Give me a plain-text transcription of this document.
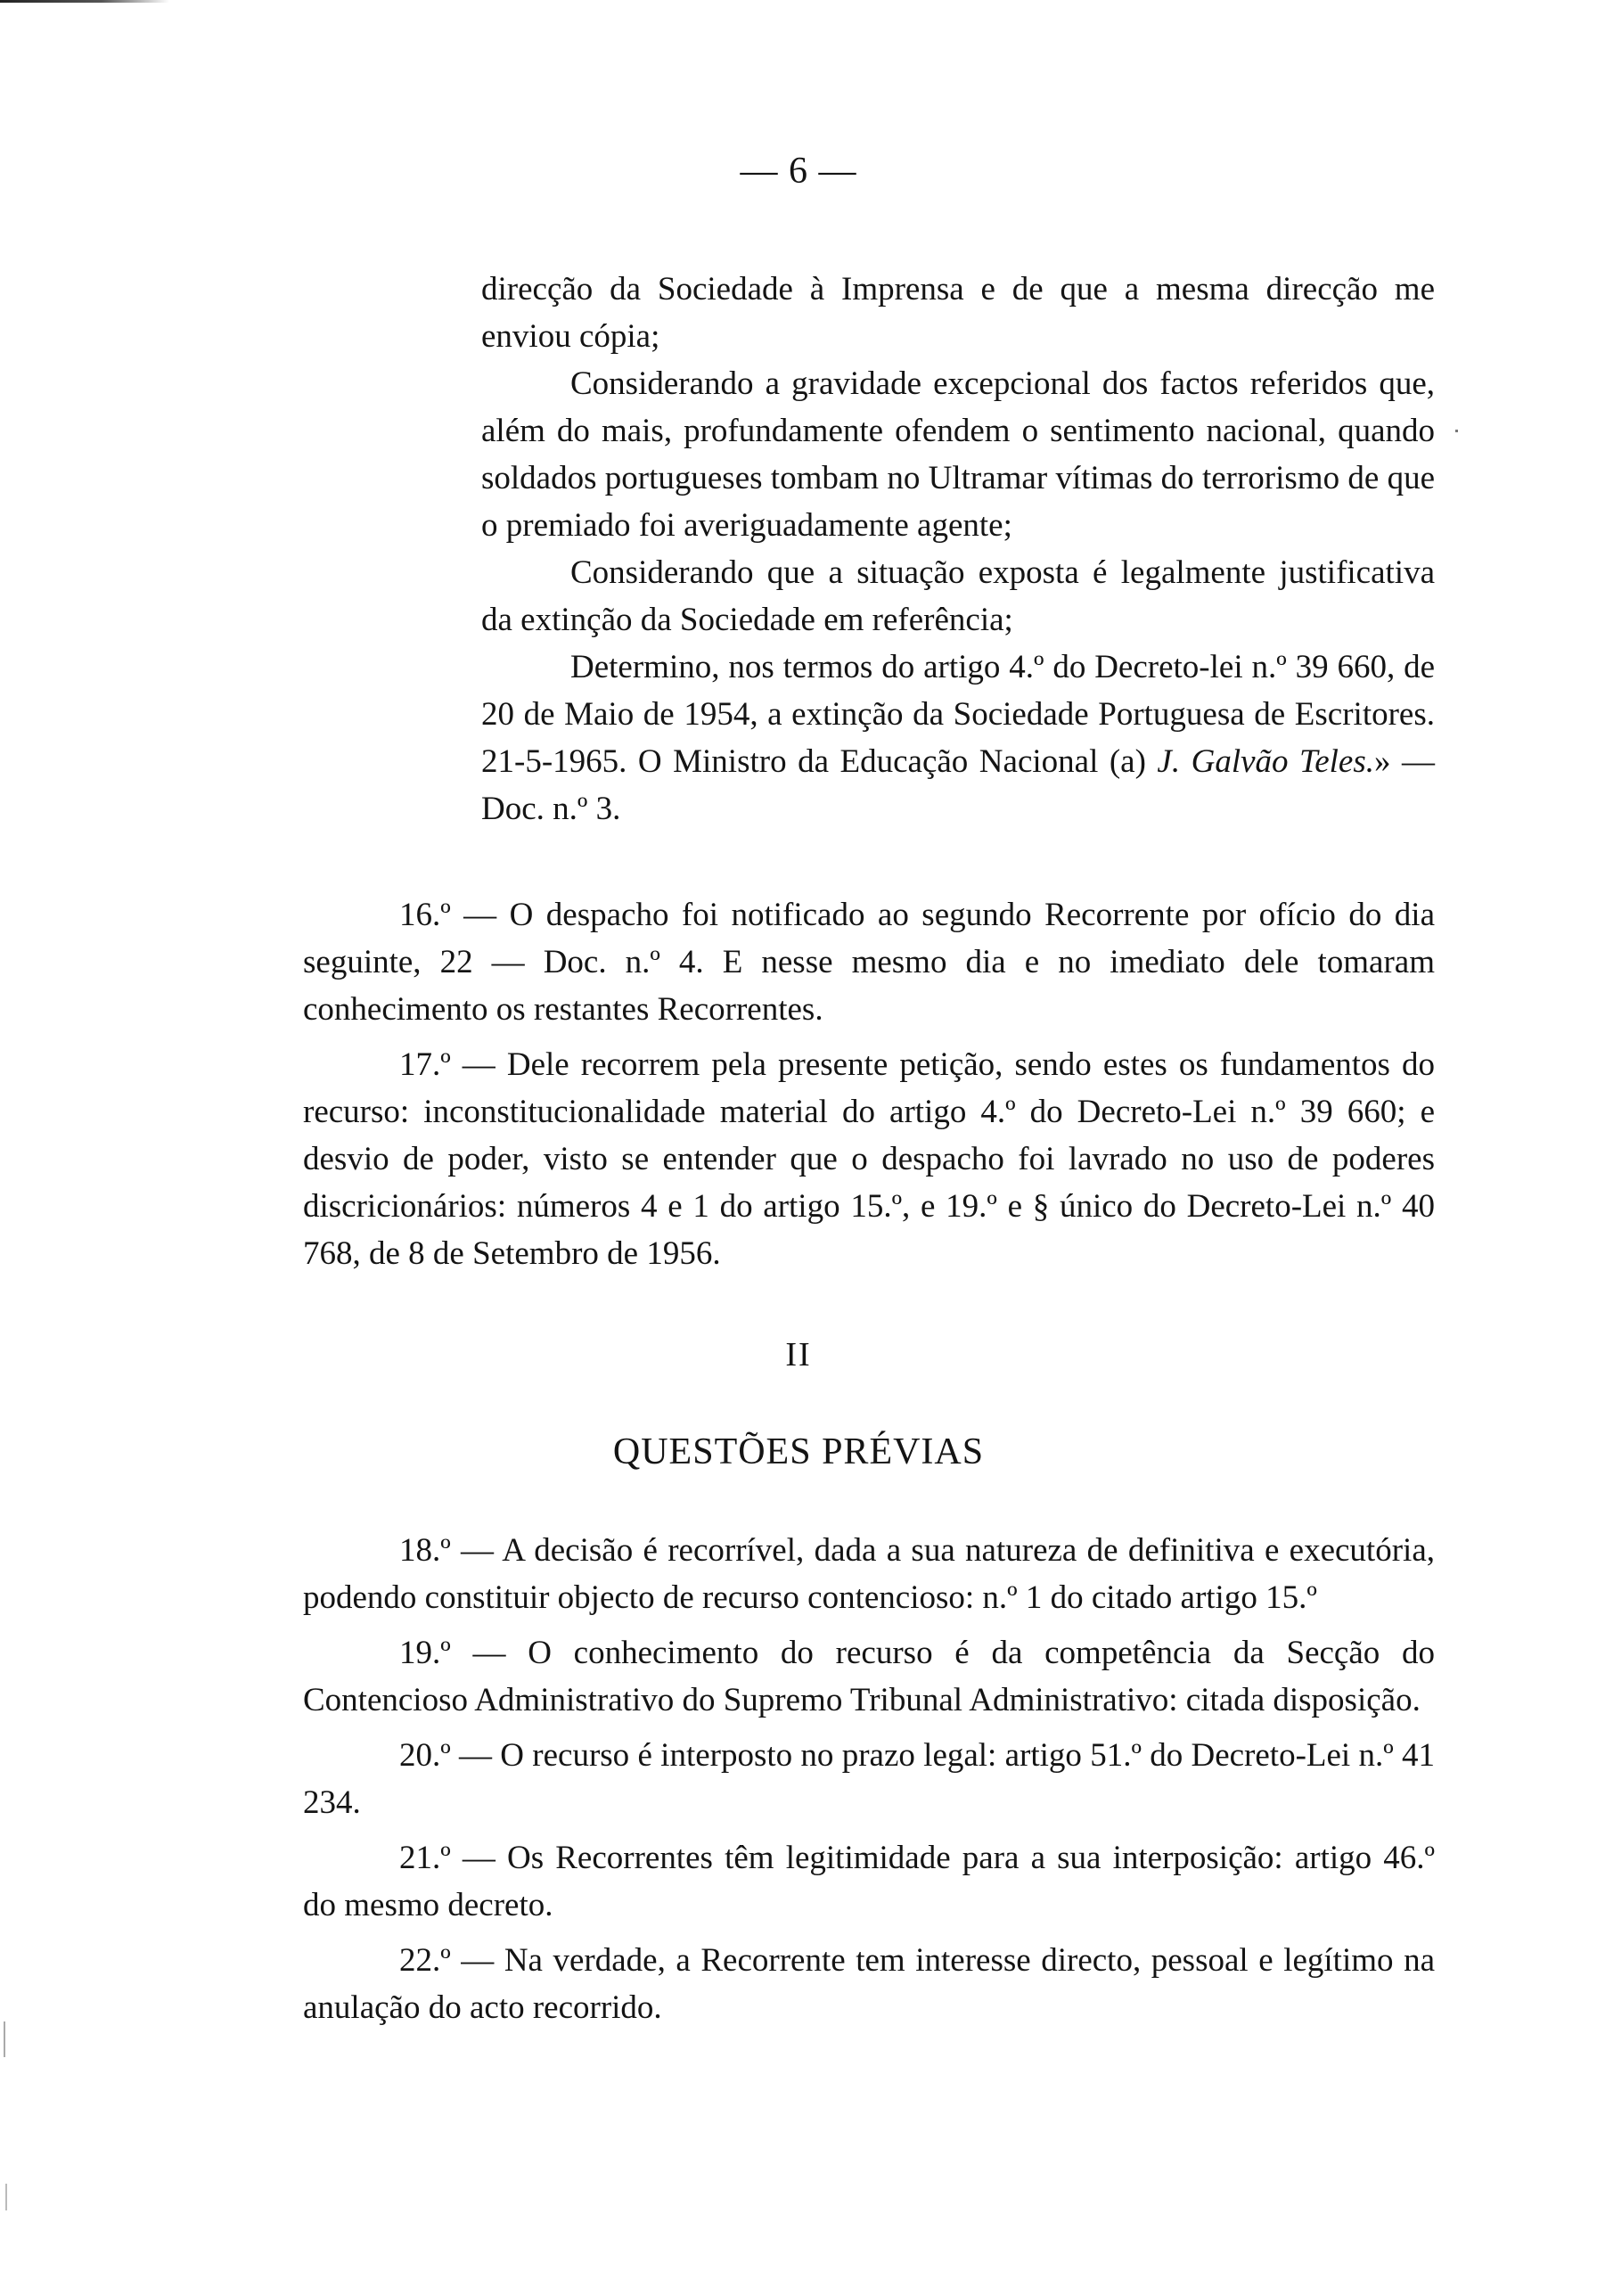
— 6 —

direcção da Sociedade à Imprensa e de que a mesma direcção me enviou cópia;

Considerando a gravidade excepcional dos factos referidos que, além do mais, profundamente ofendem o sentimento nacional, quando soldados portugueses tombam no Ultramar vítimas do terrorismo de que o premiado foi averiguadamente agente;

Considerando que a situação exposta é legalmente justificativa da extinção da Sociedade em referência;

Determino, nos termos do artigo 4.º do Decreto-lei n.º 39 660, de 20 de Maio de 1954, a extinção da Sociedade Portuguesa de Escritores. 21-5-1965. O Ministro da Educação Nacional (a) J. Galvão Teles.» — Doc. n.º 3.

16.º — O despacho foi notificado ao segundo Recorrente por ofício do dia seguinte, 22 — Doc. n.º 4. E nesse mesmo dia e no imediato dele tomaram conhecimento os restantes Recorrentes.

17.º — Dele recorrem pela presente petição, sendo estes os fundamentos do recurso: inconstitucionalidade material do artigo 4.º do Decreto-Lei n.º 39 660; e desvio de poder, visto se entender que o despacho foi lavrado no uso de poderes discricionários: números 4 e 1 do artigo 15.º, e 19.º e § único do Decreto-Lei n.º 40 768, de 8 de Setembro de 1956.

II
QUESTÕES PRÉVIAS

18.º — A decisão é recorrível, dada a sua natureza de definitiva e executória, podendo constituir objecto de recurso contencioso: n.º 1 do citado artigo 15.º

19.º — O conhecimento do recurso é da competência da Secção do Contencioso Administrativo do Supremo Tribunal Administrativo: citada disposição.

20.º — O recurso é interposto no prazo legal: artigo 51.º do Decreto-Lei n.º 41 234.

21.º — Os Recorrentes têm legitimidade para a sua interposição: artigo 46.º do mesmo decreto.

22.º — Na verdade, a Recorrente tem interesse directo, pessoal e legítimo na anulação do acto recorrido.
